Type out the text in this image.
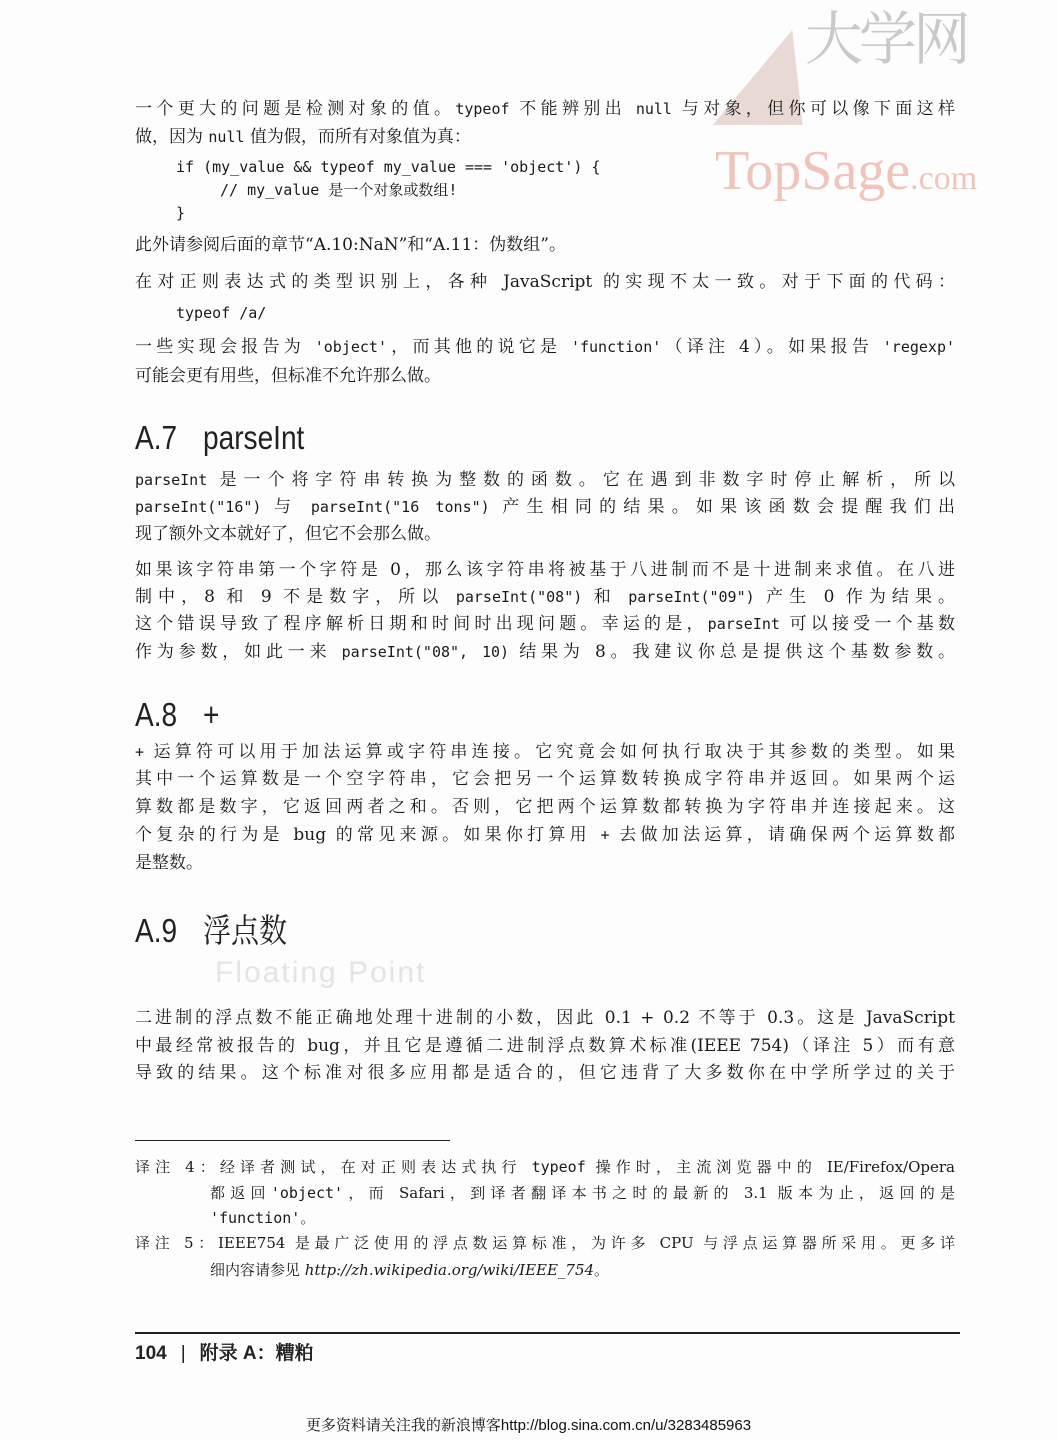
大学网
TopSage.com
A.7 parseInt
A.8 +
A.9 浮点数
Floating Point
104 | 附录 A：糟粕
更多资料请关注我的新浪博客http://blog.sina.com.cn/u/3283485963
一个更大的问题是检测对象的值。typeof 不能辨别出 null 与对象，但你可以像下面这样
做，因为 null 值为假，而所有对象值为真：
if (my_value && typeof my_value === 'object') {
// my_value 是一个对象或数组!
}
此外请参阅后面的章节“A.10:NaN”和“A.11：伪数组”。
在对正则表达式的类型识别上，各种 JavaScript 的实现不太一致。对于下面的代码：
typeof /a/
一些实现会报告为 'object'，而其他的说它是 'function'（译注 4）。如果报告 'regexp'
可能会更有用些，但标准不允许那么做。
parseInt 是一个将字符串转换为整数的函数。它在遇到非数字时停止解析，所以
parseInt("16") 与 parseInt("16 tons") 产生相同的结果。如果该函数会提醒我们出
现了额外文本就好了，但它不会那么做。
如果该字符串第一个字符是 0，那么该字符串将被基于八进制而不是十进制来求值。在八进
制中，8 和 9 不是数字，所以 parseInt("08") 和 parseInt("09") 产生 0 作为结果。
这个错误导致了程序解析日期和时间时出现问题。幸运的是，parseInt 可以接受一个基数
作为参数，如此一来 parseInt("08", 10) 结果为 8。我建议你总是提供这个基数参数。
+ 运算符可以用于加法运算或字符串连接。它究竟会如何执行取决于其参数的类型。如果
其中一个运算数是一个空字符串，它会把另一个运算数转换成字符串并返回。如果两个运
算数都是数字，它返回两者之和。否则，它把两个运算数都转换为字符串并连接起来。这
个复杂的行为是 bug 的常见来源。如果你打算用 + 去做加法运算，请确保两个运算数都
是整数。
二进制的浮点数不能正确地处理十进制的小数，因此 0.1 + 0.2 不等于 0.3。这是 JavaScript
中最经常被报告的 bug，并且它是遵循二进制浮点数算术标准(IEEE 754)（译注 5）而有意
导致的结果。这个标准对很多应用都是适合的，但它违背了大多数你在中学所学过的关于
译注 4：经译者测试，在对正则表达式执行 typeof 操作时，主流浏览器中的 IE/Firefox/Opera
都返回'object'，而 Safari，到译者翻译本书之时的最新的 3.1 版本为止，返回的是
'function'。
译注 5：IEEE754 是最广泛使用的浮点数运算标准，为许多 CPU 与浮点运算器所采用。更多详
细内容请参见 http://zh.wikipedia.org/wiki/IEEE_754。
